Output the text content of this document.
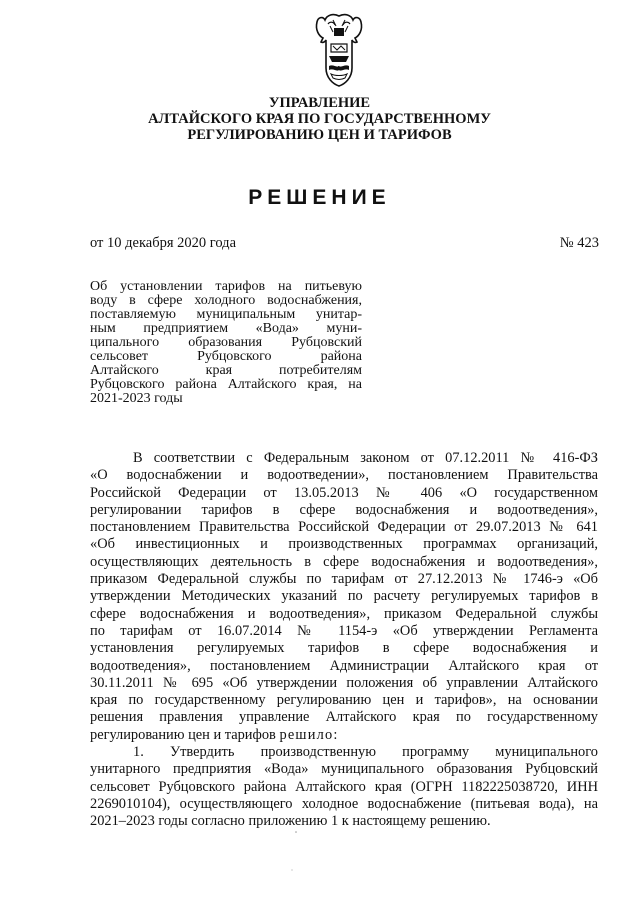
УПРАВЛЕНИЕ
АЛТАЙСКОГО КРАЯ ПО ГОСУДАРСТВЕННОМУ
РЕГУЛИРОВАНИЮ ЦЕН И ТАРИФОВ
РЕШЕНИЕ
от 10 декабря 2020 года	№ 423
Об установлении тарифов на питьевую
воду в сфере холодного водоснабжения,
поставляемую муниципальным унитар-
ным предприятием «Вода» муни-
ципального образования Рубцовский
сельсовет Рубцовского района
Алтайского края потребителям
Рубцовского района Алтайского края, на
2021-2023 годы
В соответствии с Федеральным законом от 07.12.2011 № 416-ФЗ
«О водоснабжении и водоотведении», постановлением Правительства
Российской Федерации от 13.05.2013 № 406 «О государственном
регулировании тарифов в сфере водоснабжения и водоотведения»,
постановлением Правительства Российской Федерации от 29.07.2013 № 641
«Об инвестиционных и производственных программах организаций,
осуществляющих деятельность в сфере водоснабжения и водоотведения»,
приказом Федеральной службы по тарифам от 27.12.2013 № 1746-э «Об
утверждении Методических указаний по расчету регулируемых тарифов в
сфере водоснабжения и водоотведения», приказом Федеральной службы
по тарифам от 16.07.2014 № 1154-э «Об утверждении Регламента
установления регулируемых тарифов в сфере водоснабжения и
водоотведения», постановлением Администрации Алтайского края от
30.11.2011 № 695 «Об утверждении положения об управлении Алтайского
края по государственному регулированию цен и тарифов», на основании
решения правления управление Алтайского края по государственному
регулированию цен и тарифов решило:
1. Утвердить производственную программу муниципального
унитарного предприятия «Вода» муниципального образования Рубцовский
сельсовет Рубцовского района Алтайского края (ОГРН 1182225038720, ИНН
2269010104), осуществляющего холодное водоснабжение (питьевая вода), на
2021–2023 годы согласно приложению 1 к настоящему решению.
